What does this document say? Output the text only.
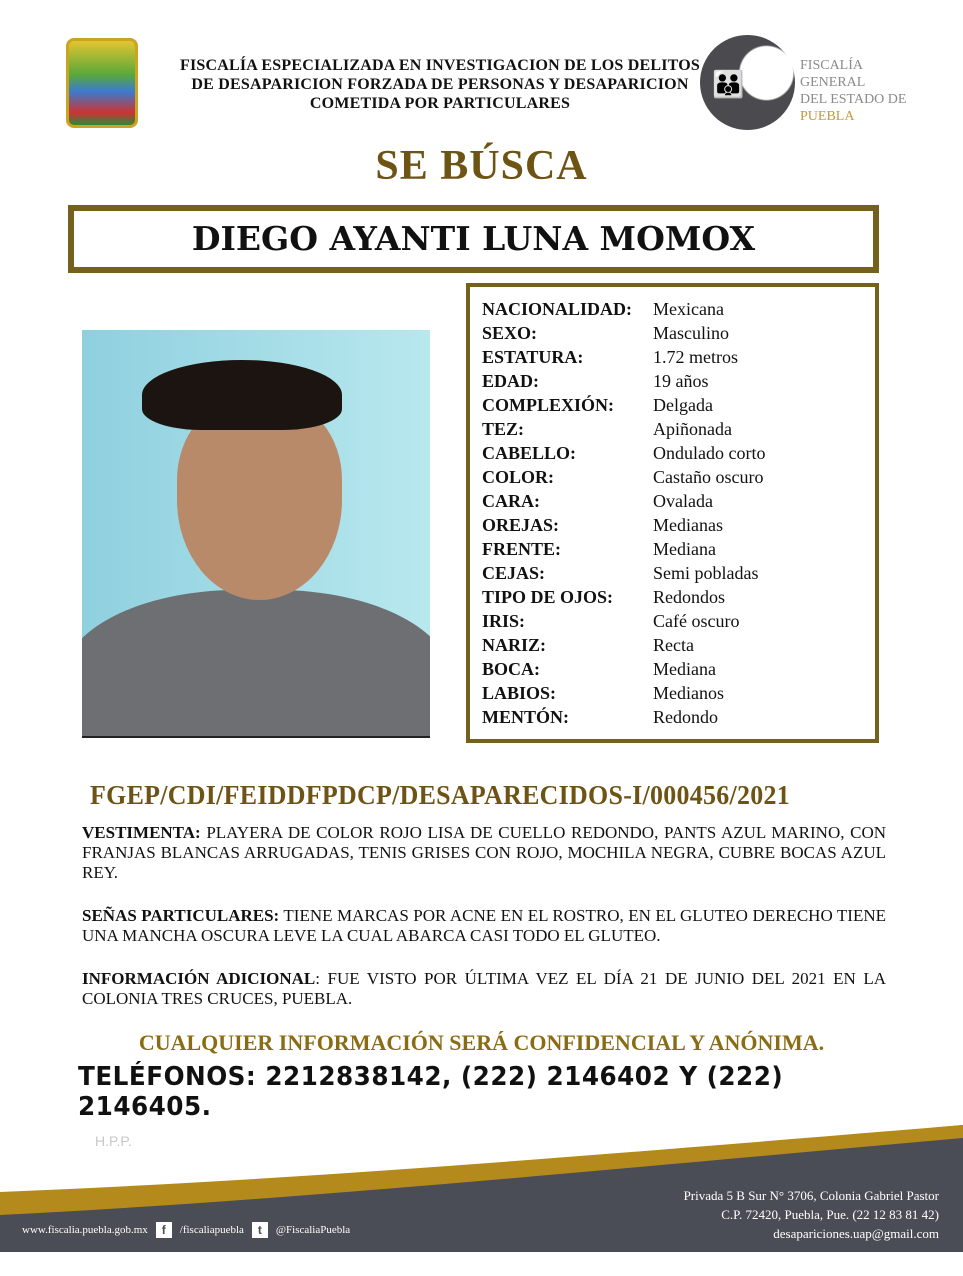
FISCALÍA ESPECIALIZADA EN INVESTIGACION DE LOS DELITOS
DE DESAPARICION FORZADA DE PERSONAS Y DESAPARICION
COMETIDA POR PARTICULARES
👪
FISCALÍA GENERAL
DEL ESTADO DE
PUEBLA
SE BÚSCA
DIEGO AYANTI LUNA MOMOX
NACIONALIDAD:	Mexicana
SEXO:	Masculino
ESTATURA:	1.72 metros
EDAD:	19 años
COMPLEXIÓN:	Delgada
TEZ:	Apiñonada
CABELLO:	Ondulado corto
COLOR:	Castaño oscuro
CARA:	Ovalada
OREJAS:	Medianas
FRENTE:	Mediana
CEJAS:	Semi pobladas
TIPO DE OJOS:	Redondos
IRIS:	Café oscuro
NARIZ:	Recta
BOCA:	Mediana
LABIOS:	Medianos
MENTÓN:	Redondo
FGEP/CDI/FEIDDFPDCP/DESAPARECIDOS-I/000456/2021
VESTIMENTA: PLAYERA DE COLOR ROJO LISA DE CUELLO REDONDO, PANTS AZUL MARINO, CON FRANJAS BLANCAS ARRUGADAS, TENIS GRISES CON ROJO, MOCHILA NEGRA, CUBRE BOCAS AZUL REY.
SEÑAS PARTICULARES: TIENE MARCAS POR ACNE EN EL ROSTRO, EN EL GLUTEO DERECHO TIENE UNA MANCHA OSCURA LEVE LA CUAL ABARCA CASI TODO EL GLUTEO.
INFORMACIÓN ADICIONAL: FUE VISTO POR ÚLTIMA VEZ EL DÍA 21 DE JUNIO DEL 2021 EN LA COLONIA TRES CRUCES, PUEBLA.
CUALQUIER INFORMACIÓN SERÁ CONFIDENCIAL Y ANÓNIMA.
TELÉFONOS: 2212838142, (222) 2146402 Y (222) 2146405.
H.P.P.
www.fiscalia.puebla.gob.mx	f	/fiscaliapuebla	t	@FiscaliaPuebla
Privada 5 B Sur N° 3706, Colonia Gabriel Pastor
C.P. 72420, Puebla, Pue. (22 12 83 81 42)
desapariciones.uap@gmail.com
